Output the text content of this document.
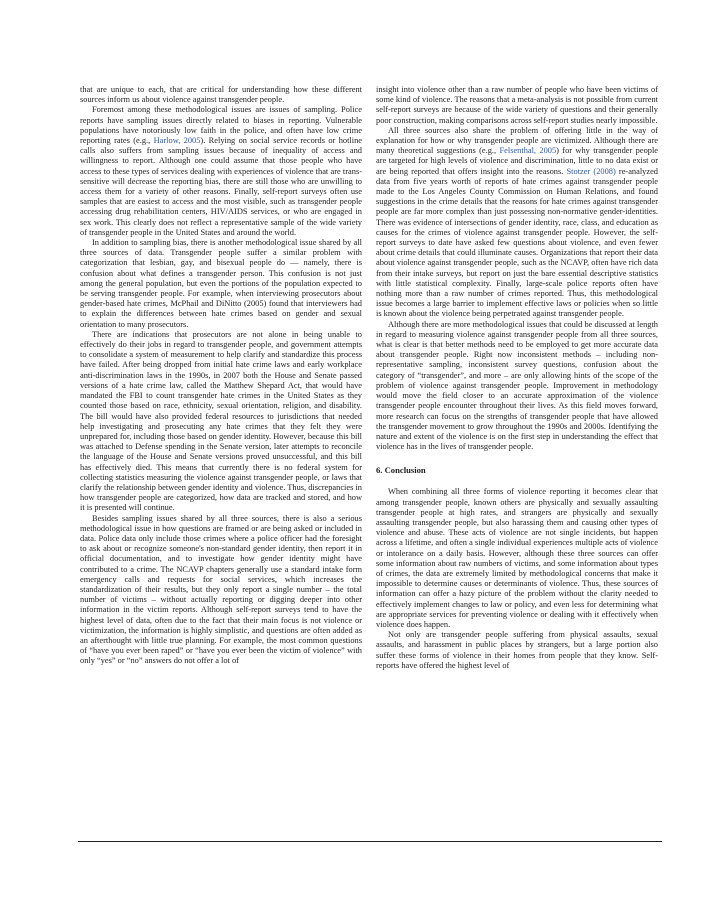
that are unique to each, that are critical for understanding how these different sources inform us about violence against transgender people.

Foremost among these methodological issues are issues of sampling. Police reports have sampling issues directly related to biases in reporting. Vulnerable populations have notoriously low faith in the police, and often have low crime reporting rates (e.g., Harlow, 2005). Relying on social service records or hotline calls also suffers from sampling issues because of inequality of access and willingness to report. Although one could assume that those people who have access to these types of services dealing with experiences of violence that are trans-sensitive will decrease the reporting bias, there are still those who are unwilling to access them for a variety of other reasons. Finally, self-report surveys often use samples that are easiest to access and the most visible, such as transgender people accessing drug rehabilitation centers, HIV/AIDS services, or who are engaged in sex work. This clearly does not reflect a representative sample of the wide variety of transgender people in the United States and around the world.

In addition to sampling bias, there is another methodological issue shared by all three sources of data. Transgender people suffer a similar problem with categorization that lesbian, gay, and bisexual people do — namely, there is confusion about what defines a transgender person. This confusion is not just among the general population, but even the portions of the population expected to be serving transgender people. For example, when interviewing prosecutors about gender-based hate crimes, McPhail and DiNitto (2005) found that interviewers had to explain the differences between hate crimes based on gender and sexual orientation to many prosecutors.

There are indications that prosecutors are not alone in being unable to effectively do their jobs in regard to transgender people, and government attempts to consolidate a system of measurement to help clarify and standardize this process have failed. After being dropped from initial hate crime laws and early workplace anti-discrimination laws in the 1990s, in 2007 both the House and Senate passed versions of a hate crime law, called the Matthew Shepard Act, that would have mandated the FBI to count transgender hate crimes in the United States as they counted those based on race, ethnicity, sexual orientation, religion, and disability. The bill would have also provided federal resources to jurisdictions that needed help investigating and prosecuting any hate crimes that they felt they were unprepared for, including those based on gender identity. However, because this bill was attached to Defense spending in the Senate version, later attempts to reconcile the language of the House and Senate versions proved unsuccessful, and this bill has effectively died. This means that currently there is no federal system for collecting statistics measuring the violence against transgender people, or laws that clarify the relationship between gender identity and violence. Thus, discrepancies in how transgender people are categorized, how data are tracked and stored, and how it is presented will continue.

Besides sampling issues shared by all three sources, there is also a serious methodological issue in how questions are framed or are being asked or included in data. Police data only include those crimes where a police officer had the foresight to ask about or recognize someone's non-standard gender identity, then report it in official documentation, and to investigate how gender identity might have contributed to a crime. The NCAVP chapters generally use a standard intake form emergency calls and requests for social services, which increases the standardization of their results, but they only report a single number – the total number of victims – without actually reporting or digging deeper into other information in the victim reports. Although self-report surveys tend to have the highest level of data, often due to the fact that their main focus is not violence or victimization, the information is highly simplistic, and questions are often added as an afterthought with little true planning. For example, the most common questions of “have you ever been raped” or “have you ever been the victim of violence” with only “yes” or “no” answers do not offer a lot of

insight into violence other than a raw number of people who have been victims of some kind of violence. The reasons that a meta-analysis is not possible from current self-report surveys are because of the wide variety of questions and their generally poor construction, making comparisons across self-report studies nearly impossible.

All three sources also share the problem of offering little in the way of explanation for how or why transgender people are victimized. Although there are many theoretical suggestions (e.g., Felsenthal, 2005) for why transgender people are targeted for high levels of violence and discrimination, little to no data exist or are being reported that offers insight into the reasons. Stotzer (2008) re-analyzed data from five years worth of reports of hate crimes against transgender people made to the Los Angeles County Commission on Human Relations, and found suggestions in the crime details that the reasons for hate crimes against transgender people are far more complex than just possessing non-normative gender-identities. There was evidence of intersections of gender identity, race, class, and education as causes for the crimes of violence against transgender people. However, the self-report surveys to date have asked few questions about violence, and even fewer about crime details that could illuminate causes. Organizations that report their data about violence against transgender people, such as the NCAVP, often have rich data from their intake surveys, but report on just the bare essential descriptive statistics with little statistical complexity. Finally, large-scale police reports often have nothing more than a raw number of crimes reported. Thus, this methodological issue becomes a large barrier to implement effective laws or policies when so little is known about the violence being perpetrated against transgender people.

Although there are more methodological issues that could be discussed at length in regard to measuring violence against transgender people from all three sources, what is clear is that better methods need to be employed to get more accurate data about transgender people. Right now inconsistent methods – including non-representative sampling, inconsistent survey questions, confusion about the category of “transgender”, and more – are only allowing hints of the scope of the problem of violence against transgender people. Improvement in methodology would move the field closer to an accurate approximation of the violence transgender people encounter throughout their lives. As this field moves forward, more research can focus on the strengths of transgender people that have allowed the transgender movement to grow throughout the 1990s and 2000s. Identifying the nature and extent of the violence is on the first step in understanding the effect that violence has in the lives of transgender people.

6. Conclusion

When combining all three forms of violence reporting it becomes clear that among transgender people, known others are physically and sexually assaulting transgender people at high rates, and strangers are physically and sexually assaulting transgender people, but also harassing them and causing other types of violence and abuse. These acts of violence are not single incidents, but happen across a lifetime, and often a single individual experiences multiple acts of violence or intolerance on a daily basis. However, although these three sources can offer some information about raw numbers of victims, and some information about types of crimes, the data are extremely limited by methodological concerns that make it impossible to determine causes or determinants of violence. Thus, these sources of information can offer a hazy picture of the problem without the clarity needed to effectively implement changes to law or policy, and even less for determining what are appropriate services for preventing violence or dealing with it effectively when violence does happen.

Not only are transgender people suffering from physical assaults, sexual assaults, and harassment in public places by strangers, but a large portion also suffer these forms of violence in their homes from people that they know. Self-reports have offered the highest level of
